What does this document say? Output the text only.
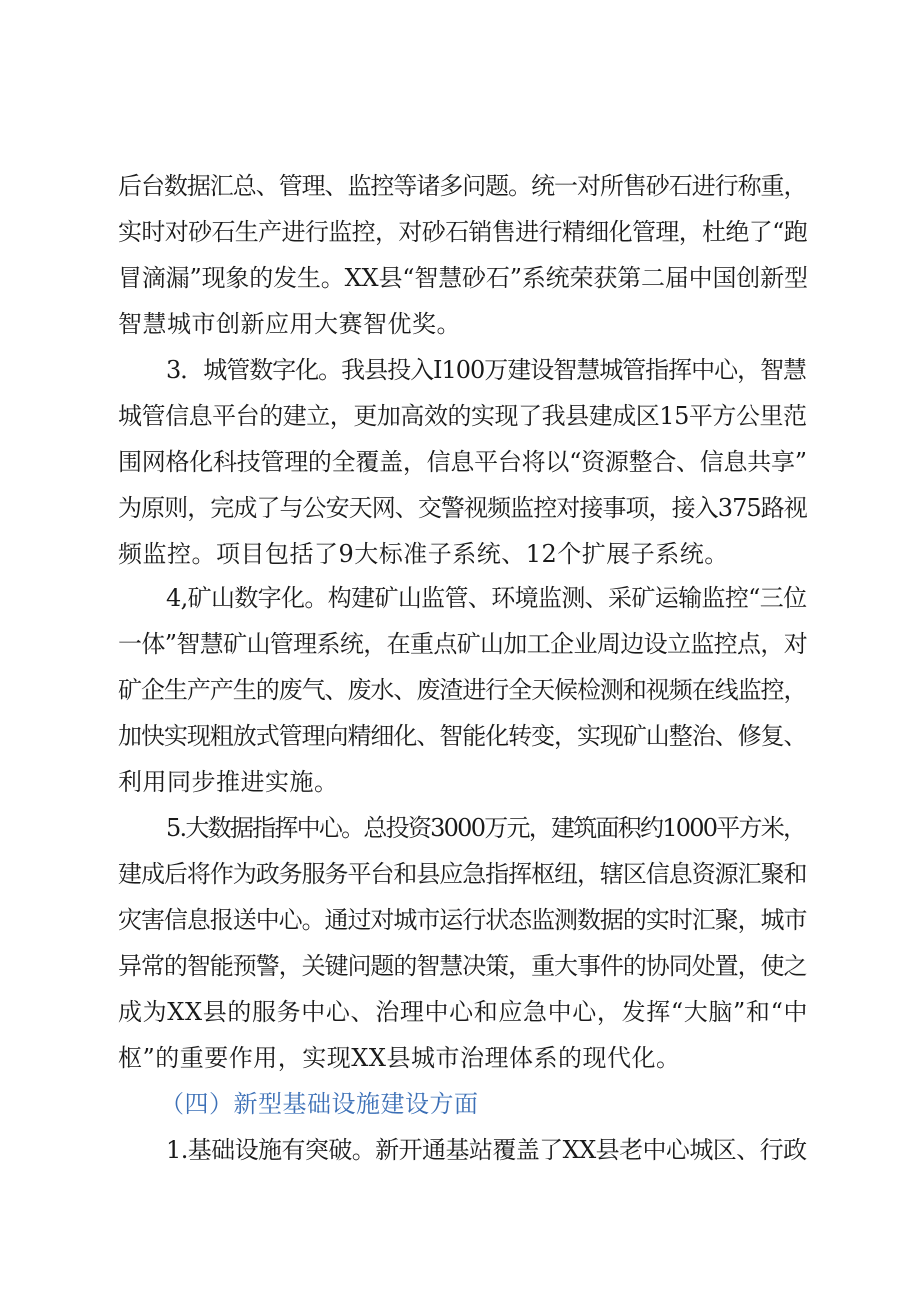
后台数据汇总、管理、监控等诸多问题。统一对所售砂石进行称重，
实时对砂石生产进行监控，对砂石销售进行精细化管理，杜绝了“跑
冒滴漏”现象的发生。XX县“智慧砂石”系统荣获第二届中国创新型
智慧城市创新应用大赛智优奖。
3．城管数字化。我县投入I100万建设智慧城管指挥中心，智慧
城管信息平台的建立，更加高效的实现了我县建成区15平方公里范
围网格化科技管理的全覆盖，信息平台将以“资源整合、信息共享”
为原则，完成了与公安天网、交警视频监控对接事项，接入375路视
频监控。项目包括了9大标准子系统、12个扩展子系统。
4,矿山数字化。构建矿山监管、环境监测、采矿运输监控“三位
一体”智慧矿山管理系统，在重点矿山加工企业周边设立监控点，对
矿企生产产生的废气、废水、废渣进行全天候检测和视频在线监控，
加快实现粗放式管理向精细化、智能化转变，实现矿山整治、修复、
利用同步推进实施。
5.大数据指挥中心。总投资3000万元，建筑面积约1000平方米，
建成后将作为政务服务平台和县应急指挥枢纽，辖区信息资源汇聚和
灾害信息报送中心。通过对城市运行状态监测数据的实时汇聚，城市
异常的智能预警，关键问题的智慧决策，重大事件的协同处置，使之
成为XX县的服务中心、治理中心和应急中心，发挥“大脑”和“中
枢”的重要作用，实现XX县城市治理体系的现代化。
（四）新型基础设施建设方面
1.基础设施有突破。新开通基站覆盖了XX县老中心城区、行政
